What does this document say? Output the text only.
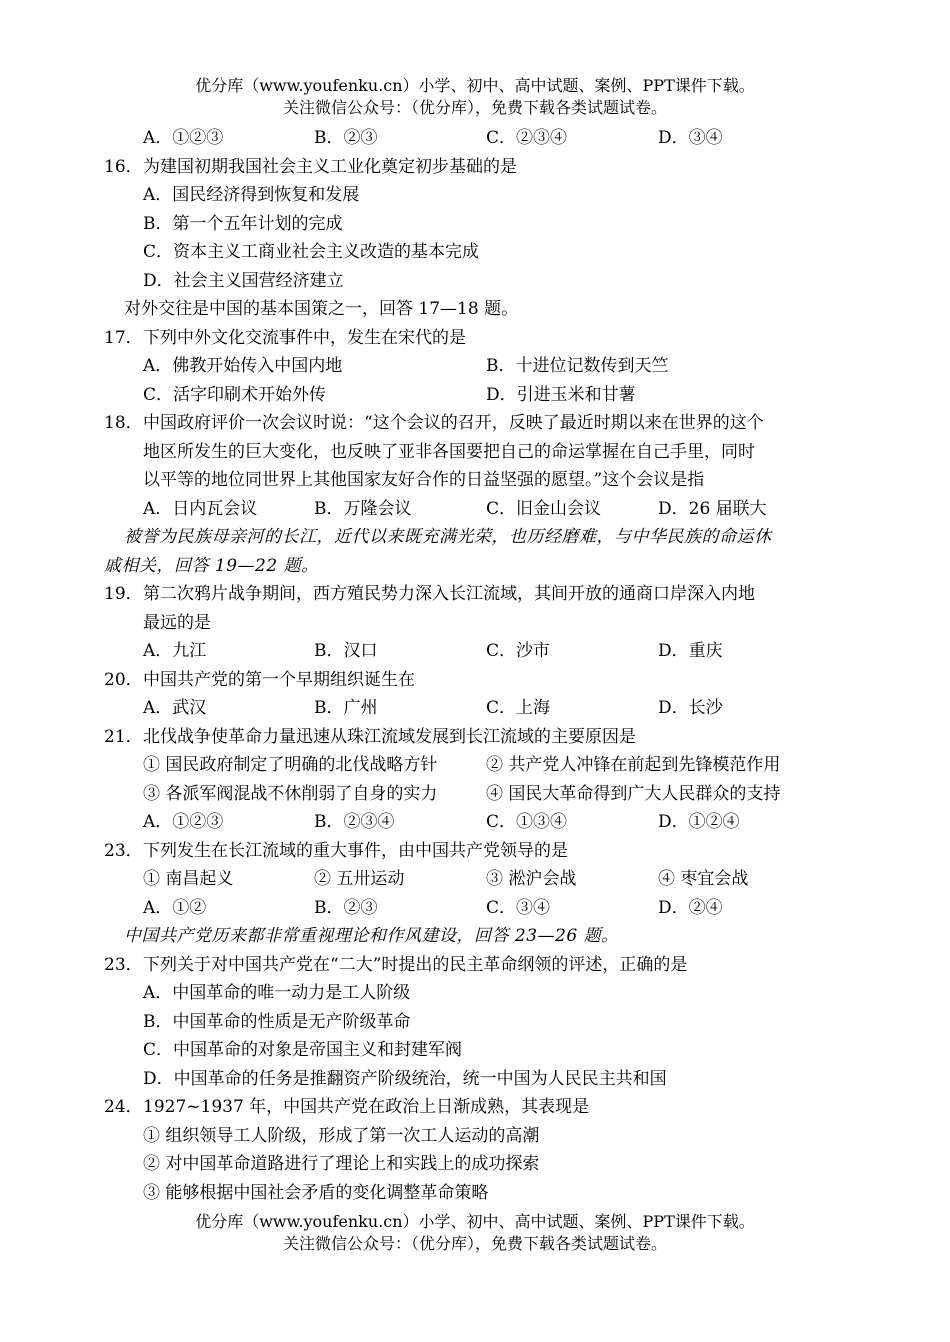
优分库（www.youfenku.cn）小学、初中、高中试题、案例、PPT课件下载。
关注微信公众号：（优分库），免费下载各类试题试卷。
A．①②③	B．②③	C．②③④	D．③④
16． 为建国初期我国社会主义工业化奠定初步基础的是
A．国民经济得到恢复和发展
B．第一个五年计划的完成
C．资本主义工商业社会主义改造的基本完成
D．社会主义国营经济建立
对外交往是中国的基本国策之一，回答 17—18 题。
17． 下列中外文化交流事件中，发生在宋代的是
A．佛教开始传入中国内地	B．十进位记数传到天竺
C．活字印刷术开始外传	D．引进玉米和甘薯
18． 中国政府评价一次会议时说：“这个会议的召开，反映了最近时期以来在世界的这个
地区所发生的巨大变化，也反映了亚非各国要把自己的命运掌握在自己手里，同时
以平等的地位同世界上其他国家友好合作的日益坚强的愿望。”这个会议是指
A．日内瓦会议	B．万隆会议	C．旧金山会议	D．26 届联大
被誉为民族母亲河的长江，近代以来既充满光荣，也历经磨难，与中华民族的命运休
戚相关，回答 19—22 题。
19． 第二次鸦片战争期间，西方殖民势力深入长江流域，其间开放的通商口岸深入内地
最远的是
A．九江	B．汉口	C．沙市	D．重庆
20． 中国共产党的第一个早期组织诞生在
A．武汉	B．广州	C．上海	D．长沙
21． 北伐战争使革命力量迅速从珠江流域发展到长江流域的主要原因是
① 国民政府制定了明确的北伐战略方针	② 共产党人冲锋在前起到先锋模范作用
③ 各派军阀混战不休削弱了自身的实力	④ 国民大革命得到广大人民群众的支持
A．①②③	B．②③④	C．①③④	D．①②④
23． 下列发生在长江流域的重大事件，由中国共产党领导的是
① 南昌起义	② 五卅运动	③ 淞沪会战	④ 枣宜会战
A．①②	B．②③	C．③④	D．②④
中国共产党历来都非常重视理论和作风建设，回答 23—26 题。
23． 下列关于对中国共产党在“二大”时提出的民主革命纲领的评述，正确的是
A．中国革命的唯一动力是工人阶级
B．中国革命的性质是无产阶级革命
C．中国革命的对象是帝国主义和封建军阀
D．中国革命的任务是推翻资产阶级统治，统一中国为人民民主共和国
24． 1927~1937 年，中国共产党在政治上日渐成熟，其表现是
① 组织领导工人阶级，形成了第一次工人运动的高潮
② 对中国革命道路进行了理论上和实践上的成功探索
③ 能够根据中国社会矛盾的变化调整革命策略
优分库（www.youfenku.cn）小学、初中、高中试题、案例、PPT课件下载。
关注微信公众号：（优分库），免费下载各类试题试卷。
